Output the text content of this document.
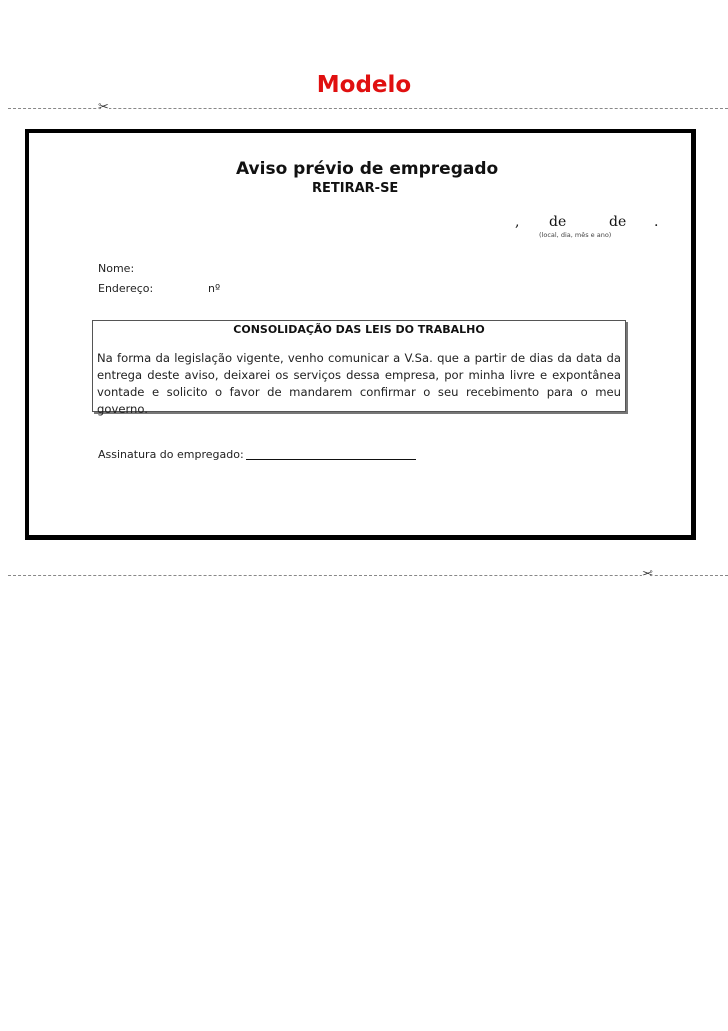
Modelo
✂
Aviso prévio de empregado
RETIRAR-SE
, de	de .
(local, dia, mês e ano)
Nome:
Endereço:	nº
CONSOLIDAÇÃO DAS LEIS DO TRABALHO
Na forma da legislação vigente, venho comunicar a V.Sa. que a partir de dias da data da entrega deste aviso, deixarei os serviços dessa empresa, por minha livre e expontânea vontade e solicito o favor de mandarem confirmar o seu recebimento para o meu governo.
Assinatura do empregado:
✂
